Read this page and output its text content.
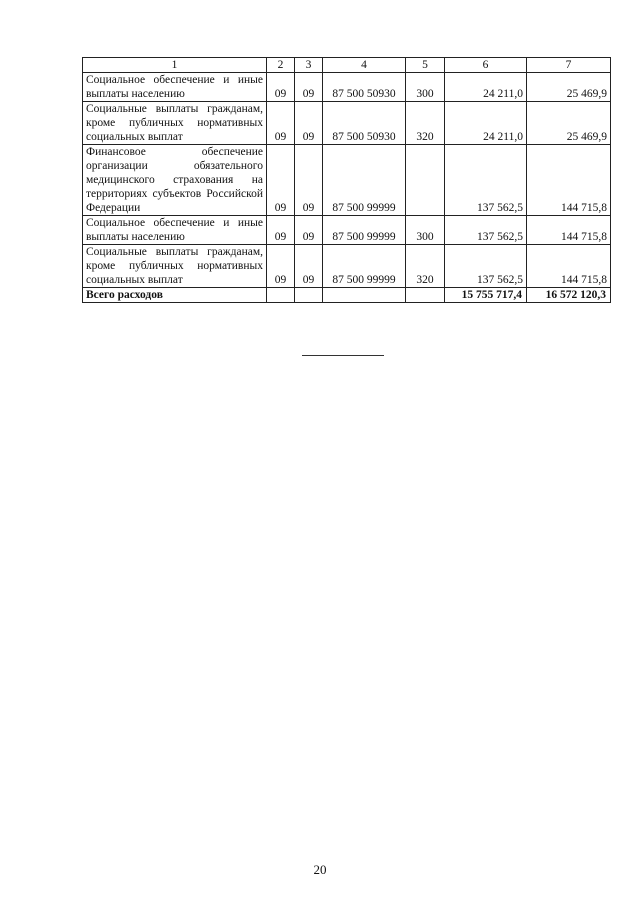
1	2	3	4	5	6	7
Социальное обеспечение и иные выплаты населению	09	09	87 500 50930	300	24 211,0	25 469,9
Социальные выплаты гражданам, кроме публичных нормативных социальных выплат	09	09	87 500 50930	320	24 211,0	25 469,9
Финансовое обеспечение организации обязательного медицинского страхования на территориях субъектов Российской Федерации	09	09	87 500 99999		137 562,5	144 715,8
Социальное обеспечение и иные выплаты населению	09	09	87 500 99999	300	137 562,5	144 715,8
Социальные выплаты гражданам, кроме публичных нормативных социальных выплат	09	09	87 500 99999	320	137 562,5	144 715,8
Всего расходов					15 755 717,4	16 572 120,3
20
